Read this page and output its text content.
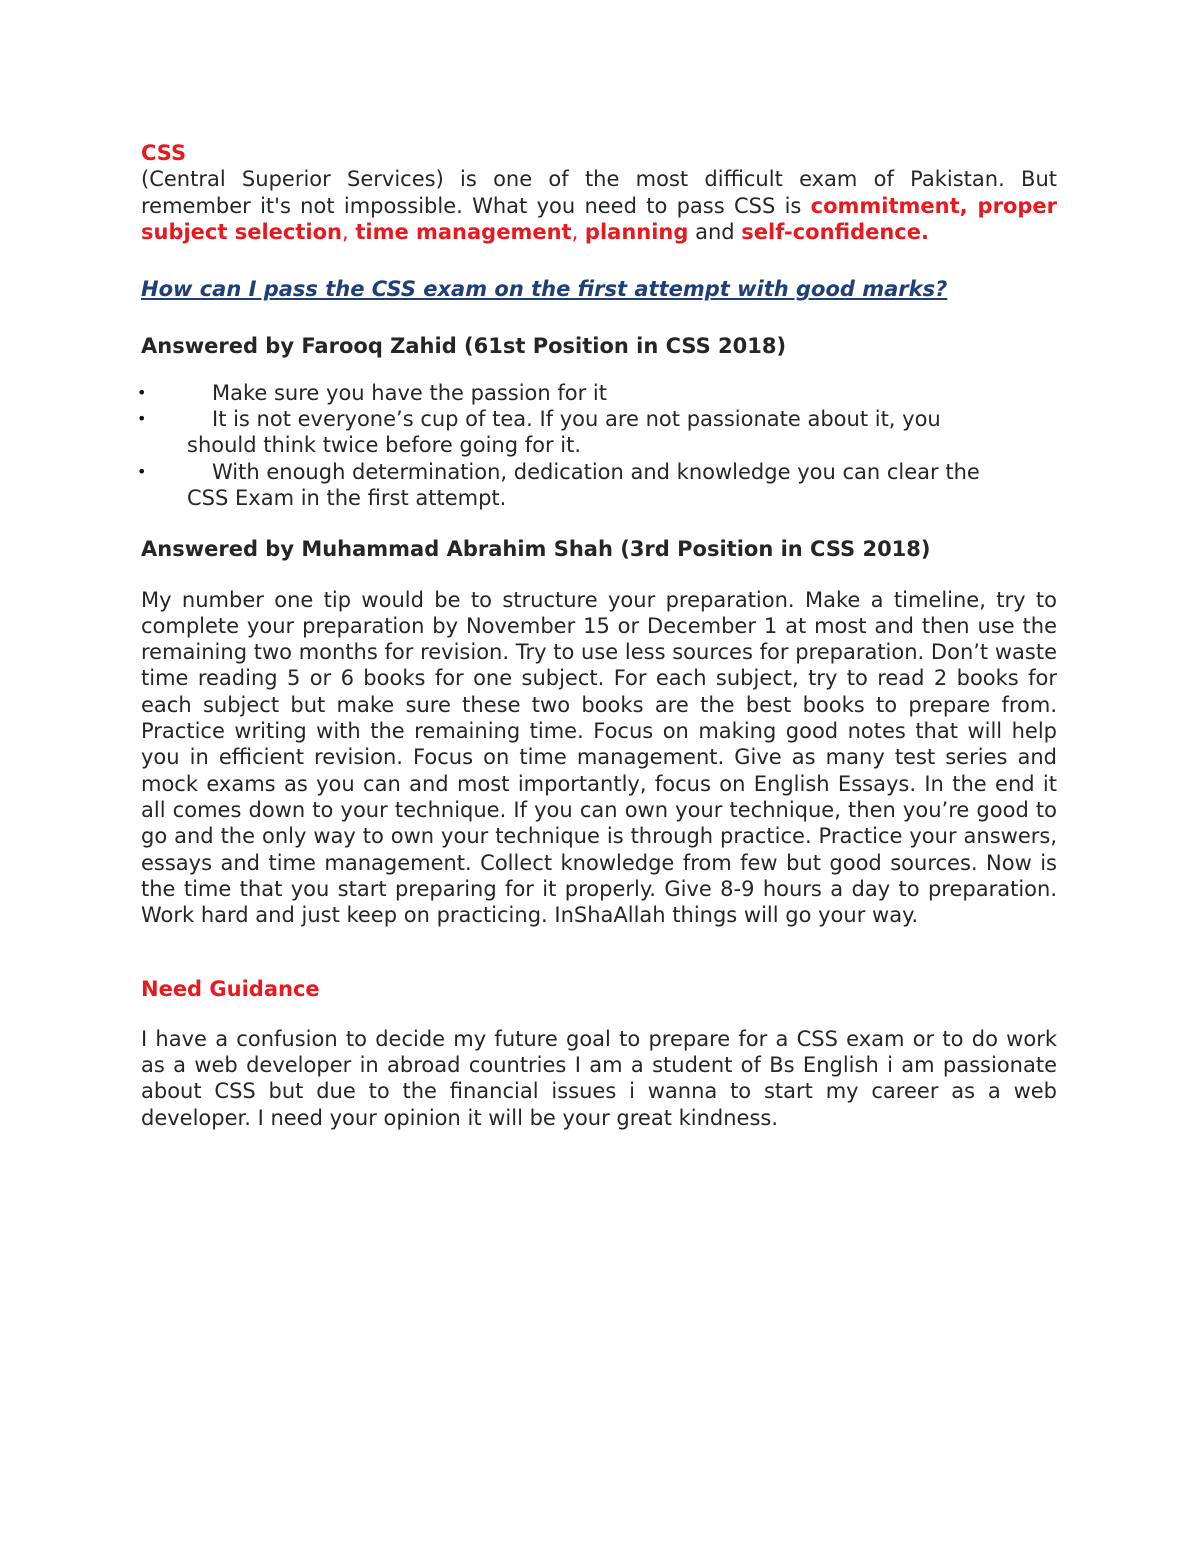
CSS

(Central Superior Services) is one of the most difficult exam of Pakistan. But remember it's not impossible. What you need to pass CSS is commitment, proper subject selection, time management, planning and self-confidence.

How can I pass the CSS exam on the first attempt with good marks?

Answered by Farooq Zahid (61st Position in CSS 2018)

•	Make sure you have the passion for it
•	It is not everyone’s cup of tea. If you are not passionate about it, you should think twice before going for it.
•	With enough determination, dedication and knowledge you can clear the CSS Exam in the first attempt.

Answered by Muhammad Abrahim Shah (3rd Position in CSS 2018)

My number one tip would be to structure your preparation. Make a timeline, try to complete your preparation by November 15 or December 1 at most and then use the remaining two months for revision. Try to use less sources for preparation. Don’t waste time reading 5 or 6 books for one subject. For each subject, try to read 2 books for each subject but make sure these two books are the best books to prepare from. Practice writing with the remaining time. Focus on making good notes that will help you in efficient revision. Focus on time management. Give as many test series and mock exams as you can and most importantly, focus on English Essays. In the end it all comes down to your technique. If you can own your technique, then you’re good to go and the only way to own your technique is through practice. Practice your answers, essays and time management. Collect knowledge from few but good sources. Now is the time that you start preparing for it properly. Give 8-9 hours a day to preparation. Work hard and just keep on practicing. InShaAllah things will go your way.

Need Guidance

I have a confusion to decide my future goal to prepare for a CSS exam or to do work as a web developer in abroad countries I am a student of Bs English i am passionate about CSS but due to the financial issues i wanna to start my career as a web developer. I need your opinion it will be your great kindness.
